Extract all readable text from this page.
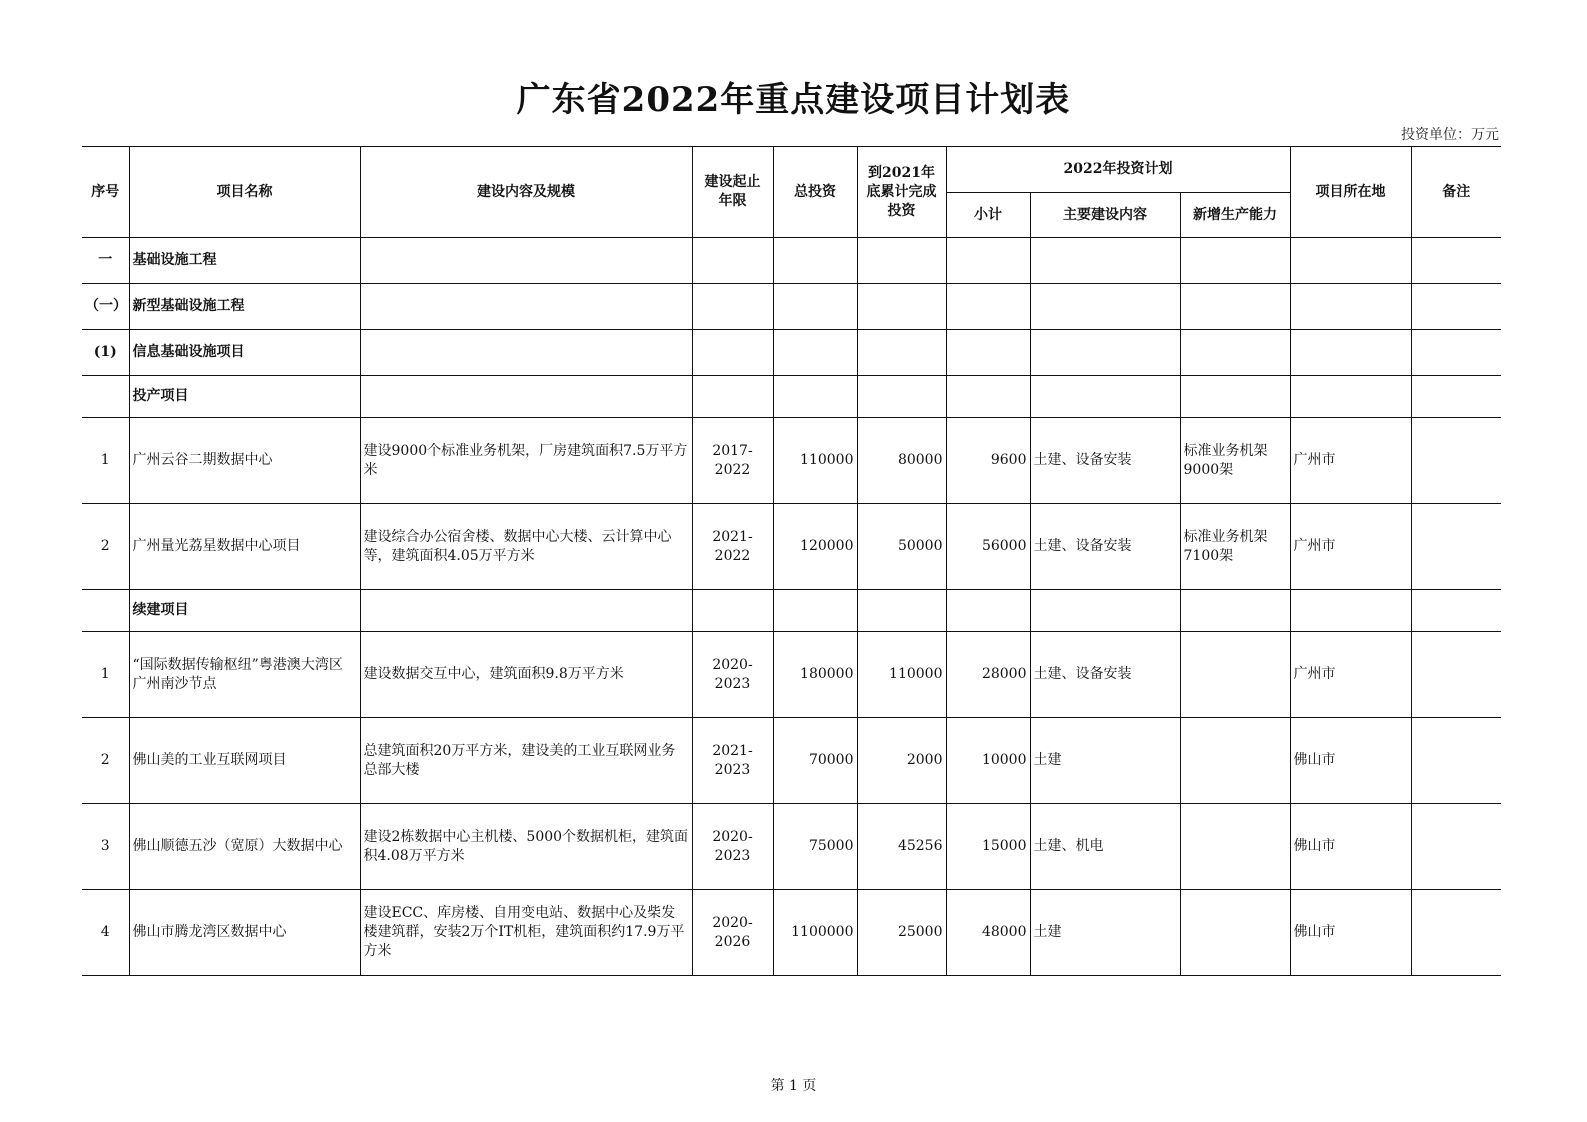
广东省2022年重点建设项目计划表
投资单位：万元
序号	项目名称	建设内容及规模	建设起止年限	总投资	到2021年底累计完成投资	2022年投资计划			项目所在地	备注
						小计	主要建设内容	新增生产能力		
一	基础设施工程									
（一）	新型基础设施工程									
(1)	信息基础设施项目									
	投产项目									
1	广州云谷二期数据中心	建设9000个标准业务机架，厂房建筑面积7.5万平方米	2017-2022	110000	80000	9600	土建、设备安装	标准业务机架9000架	广州市	
2	广州量光荔星数据中心项目	建设综合办公宿舍楼、数据中心大楼、云计算中心等，建筑面积4.05万平方米	2021-2022	120000	50000	56000	土建、设备安装	标准业务机架7100架	广州市	
	续建项目									
1	“国际数据传输枢纽”粤港澳大湾区广州南沙节点	建设数据交互中心，建筑面积9.8万平方米	2020-2023	180000	110000	28000	土建、设备安装		广州市	
2	佛山美的工业互联网项目	总建筑面积20万平方米，建设美的工业互联网业务总部大楼	2021-2023	70000	2000	10000	土建		佛山市	
3	佛山顺德五沙（宽原）大数据中心	建设2栋数据中心主机楼、5000个数据机柜，建筑面积4.08万平方米	2020-2023	75000	45256	15000	土建、机电		佛山市	
4	佛山市腾龙湾区数据中心	建设ECC、库房楼、自用变电站、数据中心及柴发楼建筑群，安装2万个IT机柜，建筑面积约17.9万平方米	2020-2026	1100000	25000	48000	土建		佛山市	
第 1 页
